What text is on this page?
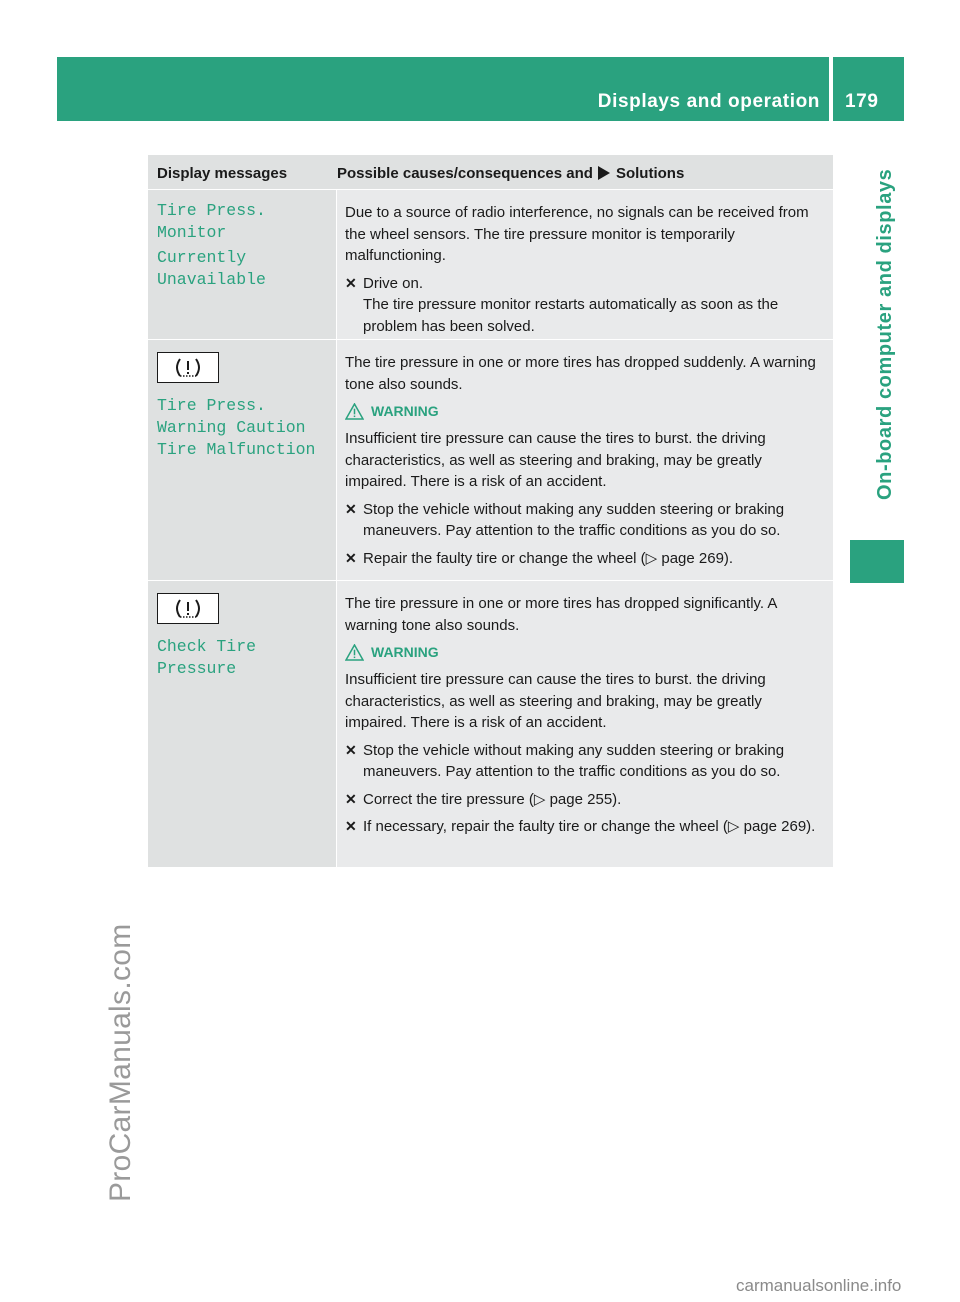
Displays and operation 179
On-board computer and displays
Display messages	Possible causes/consequences and Solutions
Tire Press. Monitor
Currently
Unavailable
Due to a source of radio interference, no signals can be received from the wheel sensors. The tire pressure monitor is temporarily malfunctioning.
✕ Drive on.
The tire pressure monitor restarts automatically as soon as the problem has been solved.
Tire Press.
Warning Caution
Tire Malfunction
The tire pressure in one or more tires has dropped suddenly. A warning tone also sounds.
WARNING
Insufficient tire pressure can cause the tires to burst. the driving characteristics, as well as steering and braking, may be greatly impaired. There is a risk of an accident.
✕ Stop the vehicle without making any sudden steering or braking maneuvers. Pay attention to the traffic conditions as you do so.
✕ Repair the faulty tire or change the wheel (▷ page 269).
Check Tire Pressure
The tire pressure in one or more tires has dropped significantly. A warning tone also sounds.
WARNING
Insufficient tire pressure can cause the tires to burst. the driving characteristics, as well as steering and braking, may be greatly impaired. There is a risk of an accident.
✕ Stop the vehicle without making any sudden steering or braking maneuvers. Pay attention to the traffic conditions as you do so.
✕ Correct the tire pressure (▷ page 255).
✕ If necessary, repair the faulty tire or change the wheel (▷ page 269).
ProCarManuals.com
carmanualsonline.info
